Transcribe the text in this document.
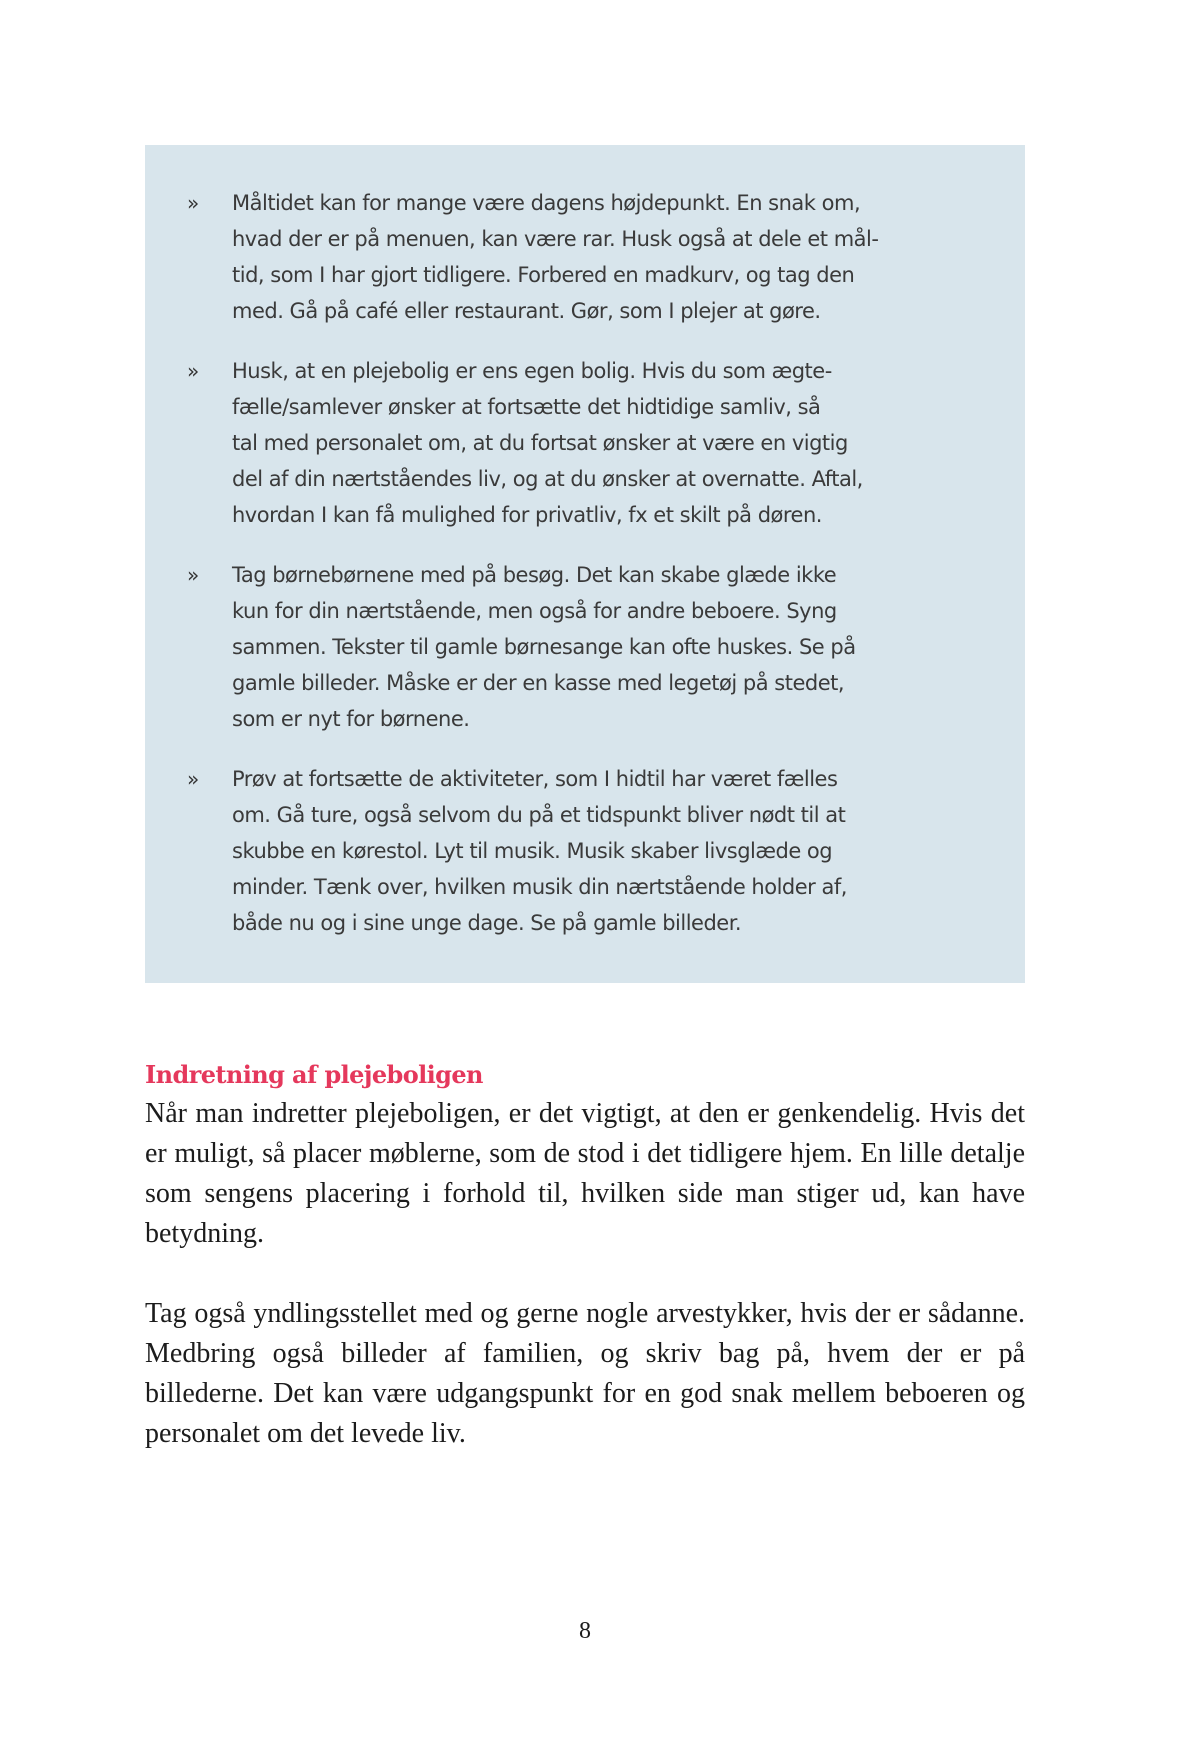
»	Måltidet kan for mange være dagens højdepunkt. En snak om,
hvad der er på menuen, kan være rar. Husk også at dele et mål-
tid, som I har gjort tidligere. Forbered en madkurv, og tag den
med. Gå på café eller restaurant. Gør, som I plejer at gøre.
»	Husk, at en plejebolig er ens egen bolig. Hvis du som ægte-
fælle/samlever ønsker at fortsætte det hidtidige samliv, så
tal med personalet om, at du fortsat ønsker at være en vigtig
del af din nærtståendes liv, og at du ønsker at overnatte. Aftal,
hvordan I kan få mulighed for privatliv, fx et skilt på døren.
»	Tag børnebørnene med på besøg. Det kan skabe glæde ikke
kun for din nærtstående, men også for andre beboere. Syng
sammen. Tekster til gamle børnesange kan ofte huskes. Se på
gamle billeder. Måske er der en kasse med legetøj på stedet,
som er nyt for børnene.
»	Prøv at fortsætte de aktiviteter, som I hidtil har været fælles
om. Gå ture, også selvom du på et tidspunkt bliver nødt til at
skubbe en kørestol. Lyt til musik. Musik skaber livsglæde og
minder. Tænk over, hvilken musik din nærtstående holder af,
både nu og i sine unge dage. Se på gamle billeder.
Indretning af plejeboligen

Når man indretter plejeboligen, er det vigtigt, at den er genkendelig. Hvis det er muligt, så placer møblerne, som de stod i det tidligere hjem. En lille detalje som sengens placering i forhold til, hvilken side man stiger ud, kan have betydning.

Tag også yndlingsstellet med og gerne nogle arvestykker, hvis der er sådanne. Medbring også billeder af familien, og skriv bag på, hvem der er på billederne. Det kan være udgangspunkt for en god snak mellem beboeren og personalet om det levede liv.

8
